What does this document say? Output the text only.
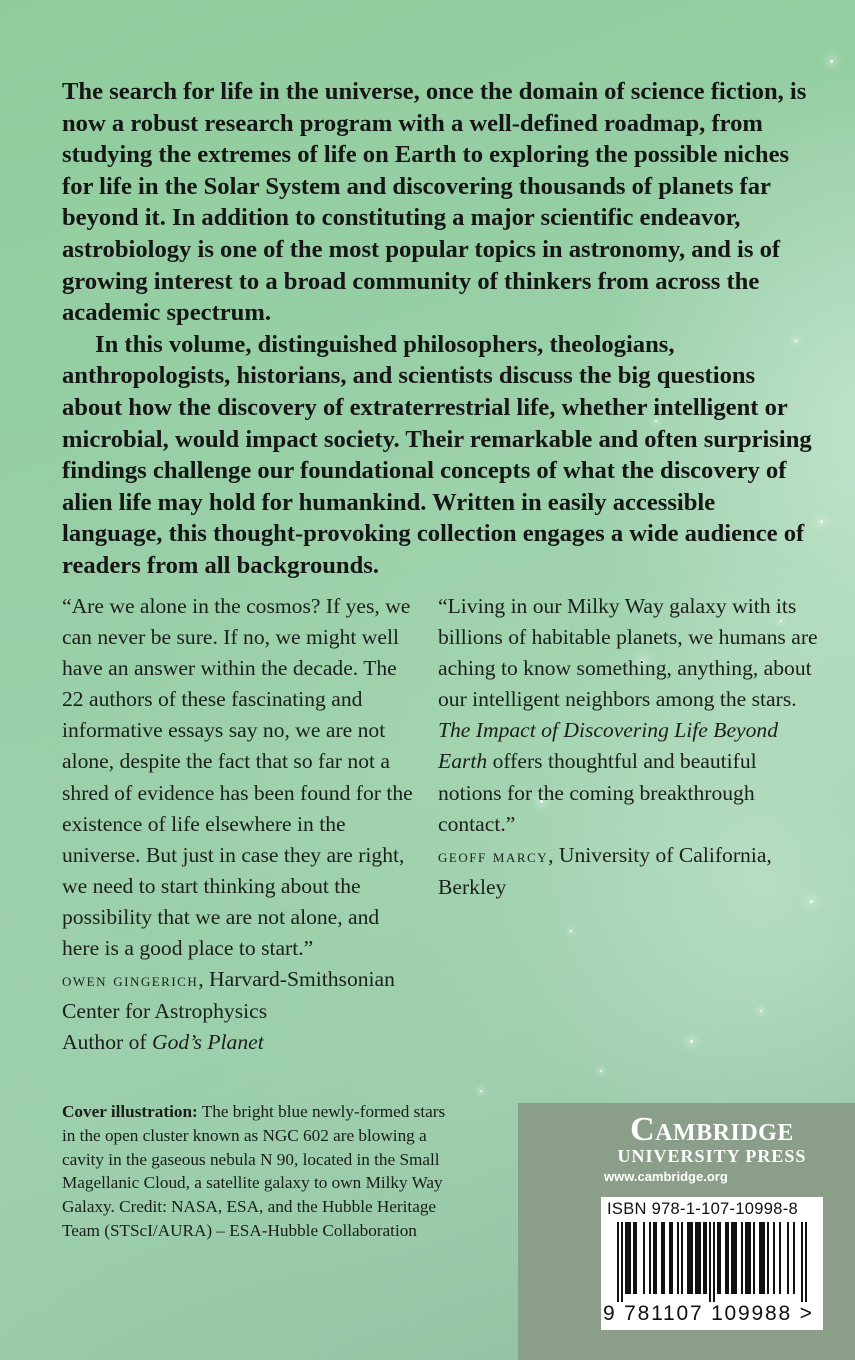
The search for life in the universe, once the domain of science fiction, is now a robust research program with a well-defined roadmap, from studying the extremes of life on Earth to exploring the possible niches for life in the Solar System and discovering thousands of planets far beyond it. In addition to constituting a major scientific endeavor, astrobiology is one of the most popular topics in astronomy, and is of growing interest to a broad community of thinkers from across the academic spectrum.

In this volume, distinguished philosophers, theologians, anthropologists, historians, and scientists discuss the big questions about how the discovery of extraterrestrial life, whether intelligent or microbial, would impact society. Their remarkable and often surprising findings challenge our foundational concepts of what the discovery of alien life may hold for humankind. Written in easily accessible language, this thought-provoking collection engages a wide audience of readers from all backgrounds.

“Are we alone in the cosmos? If yes, we can never be sure. If no, we might well have an answer within the decade. The 22 authors of these fascinating and informative essays say no, we are not alone, despite the fact that so far not a shred of evidence has been found for the existence of life elsewhere in the universe. But just in case they are right, we need to start thinking about the possibility that we are not alone, and here is a good place to start.”

owen gingerich, Harvard-Smithsonian Center for Astrophysics

Author of God’s Planet

“Living in our Milky Way galaxy with its billions of habitable planets, we humans are aching to know something, anything, about our intelligent neighbors among the stars. The Impact of Discovering Life Beyond Earth offers thoughtful and beautiful notions for the coming breakthrough contact.”

geoff marcy, University of California, Berkley

Cover illustration: The bright blue newly-formed stars in the open cluster known as NGC 602 are blowing a cavity in the gaseous nebula N 90, located in the Small Magellanic Cloud, a satellite galaxy to own Milky Way Galaxy. Credit: NASA, ESA, and the Hubble Heritage Team (STScI/AURA) – ESA-Hubble Collaboration

Cambridge
UNIVERSITY PRESS
www.cambridge.org

ISBN 978-1-107-10998-8

9 781107 109988 >
